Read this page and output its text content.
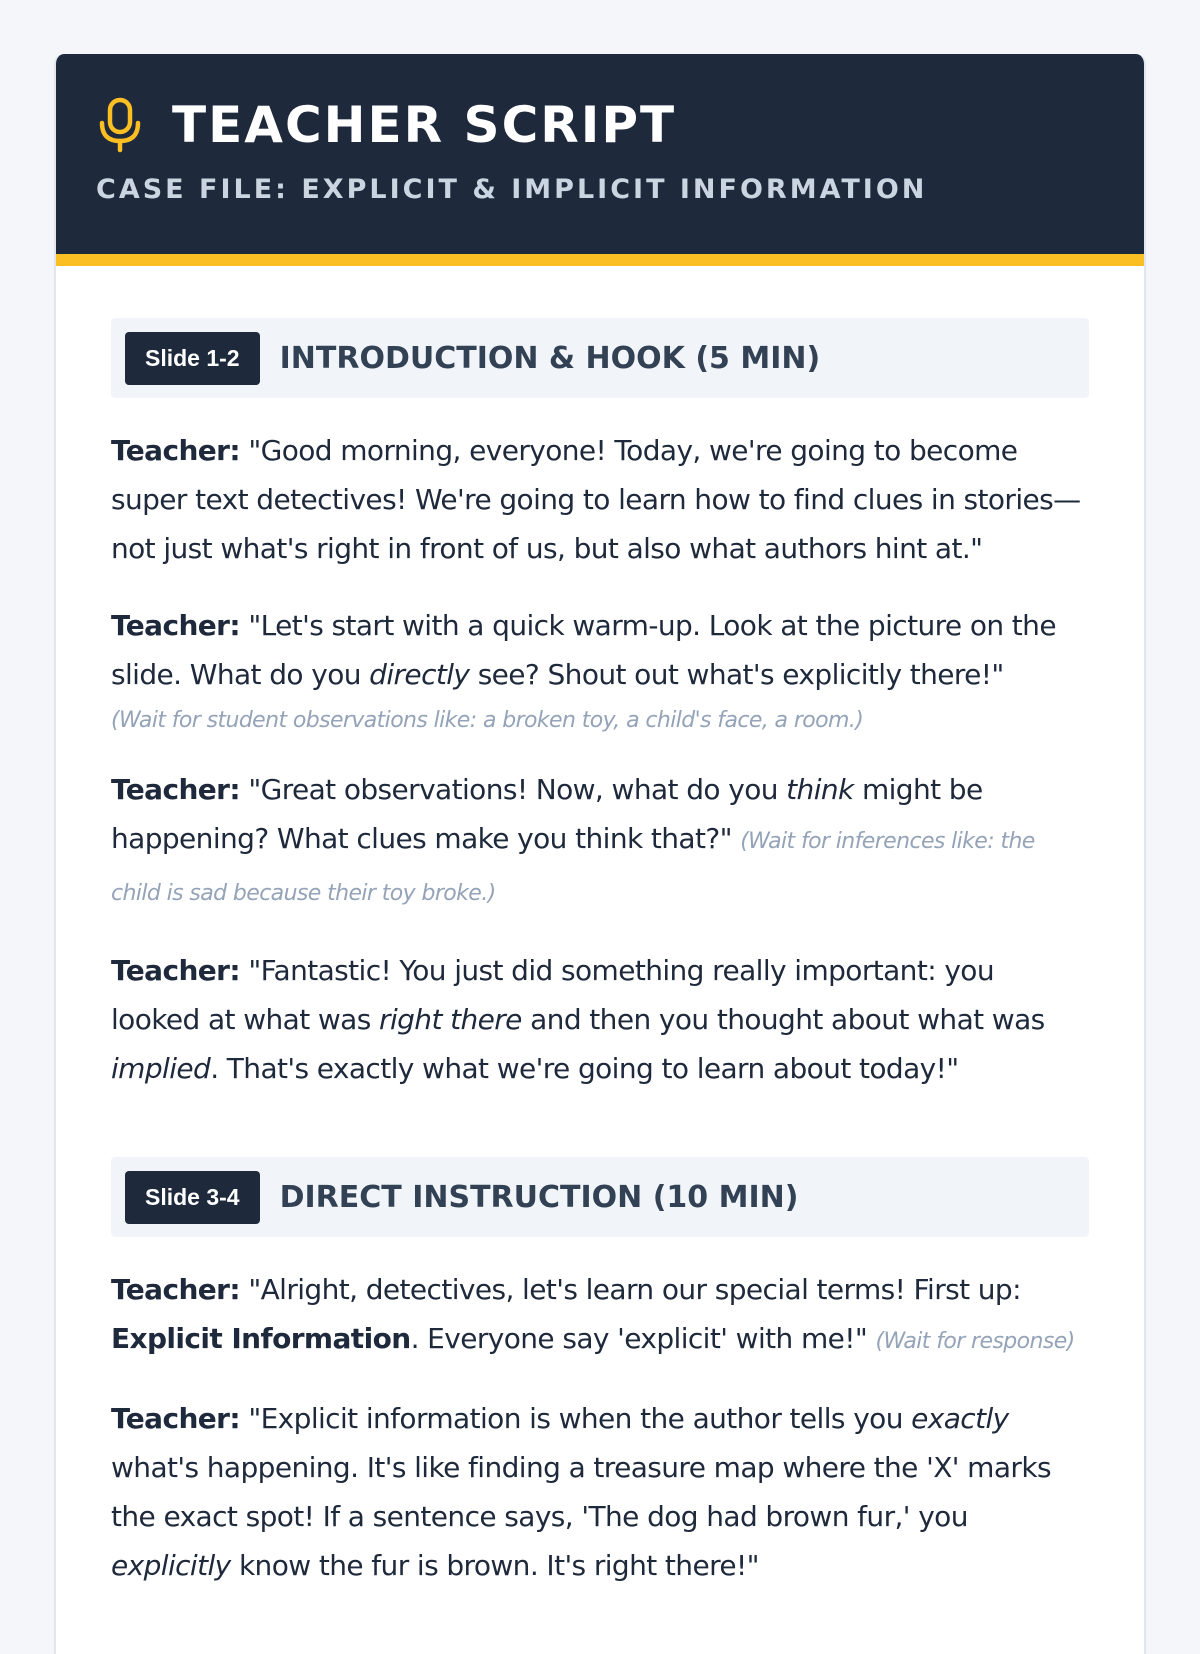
TEACHER SCRIPT
CASE FILE: EXPLICIT & IMPLICIT INFORMATION
Slide 1-2	INTRODUCTION & HOOK (5 MIN)

Teacher: "Good morning, everyone! Today, we're going to become super text detectives! We're going to learn how to find clues in stories—not just what's right in front of us, but also what authors hint at."

Teacher: "Let's start with a quick warm-up. Look at the picture on the slide. What do you directly see? Shout out what's explicitly there!"
(Wait for student observations like: a broken toy, a child's face, a room.)

Teacher: "Great observations! Now, what do you think might be happening? What clues make you think that?" (Wait for inferences like: the child is sad because their toy broke.)

Teacher: "Fantastic! You just did something really important: you looked at what was right there and then you thought about what was implied. That's exactly what we're going to learn about today!"

Slide 3-4	DIRECT INSTRUCTION (10 MIN)

Teacher: "Alright, detectives, let's learn our special terms! First up: Explicit Information. Everyone say 'explicit' with me!" (Wait for response)

Teacher: "Explicit information is when the author tells you exactly what's happening. It's like finding a treasure map where the 'X' marks the exact spot! If a sentence says, 'The dog had brown fur,' you explicitly know the fur is brown. It's right there!"
